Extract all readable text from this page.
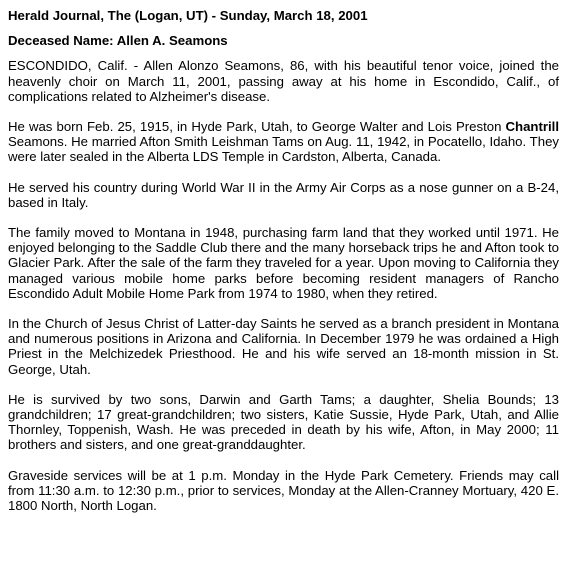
Herald Journal, The (Logan, UT) - Sunday, March 18, 2001
Deceased Name: Allen A. Seamons

ESCONDIDO, Calif. - Allen Alonzo Seamons, 86, with his beautiful tenor voice, joined the heavenly choir on March 11, 2001, passing away at his home in Escondido, Calif., of complications related to Alzheimer's disease.

He was born Feb. 25, 1915, in Hyde Park, Utah, to George Walter and Lois Preston Chantrill Seamons. He married Afton Smith Leishman Tams on Aug. 11, 1942, in Pocatello, Idaho. They were later sealed in the Alberta LDS Temple in Cardston, Alberta, Canada.

He served his country during World War II in the Army Air Corps as a nose gunner on a B-24, based in Italy.

The family moved to Montana in 1948, purchasing farm land that they worked until 1971. He enjoyed belonging to the Saddle Club there and the many horseback trips he and Afton took to Glacier Park. After the sale of the farm they traveled for a year. Upon moving to California they managed various mobile home parks before becoming resident managers of Rancho Escondido Adult Mobile Home Park from 1974 to 1980, when they retired.

In the Church of Jesus Christ of Latter-day Saints he served as a branch president in Montana and numerous positions in Arizona and California. In December 1979 he was ordained a High Priest in the Melchizedek Priesthood. He and his wife served an 18-month mission in St. George, Utah.

He is survived by two sons, Darwin and Garth Tams; a daughter, Shelia Bounds; 13 grandchildren; 17 great-grandchildren; two sisters, Katie Sussie, Hyde Park, Utah, and Allie Thornley, Toppenish, Wash. He was preceded in death by his wife, Afton, in May 2000; 11 brothers and sisters, and one great-granddaughter.

Graveside services will be at 1 p.m. Monday in the Hyde Park Cemetery. Friends may call from 11:30 a.m. to 12:30 p.m., prior to services, Monday at the Allen-Cranney Mortuary, 420 E. 1800 North, North Logan.
